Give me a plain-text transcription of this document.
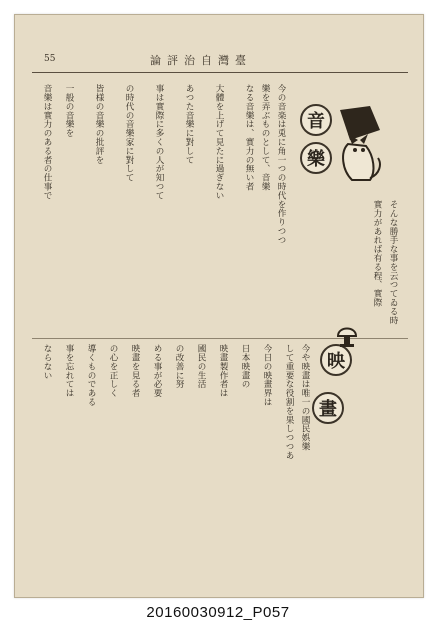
55	論評治自灣臺
音
樂
映
畫
今の音楽は兎に角一つの時代を作りつつ
樂を弄ぶものとして、音樂
そんな勝手な事を云つてゐる時
實力があれば有る程、實際
なる音樂は、實力の無い者
大體を上げて見たに過ぎない
あつた音樂に對して
事は實際に多くの人が知つて
の時代の音樂家に對して
皆様の音樂の批評を
一般の音樂を
音樂は實力のある者の仕事で
今や映畫は唯一の國民娯樂
して重要な役割を果しつつあ
今日の映畫界は
日本映畫の
映畫製作者は
國民の生活
の改善に努
める事が必要
映畫を見る者
の心を正しく
導くものである
事を忘れては
ならない
20160030912_P057
